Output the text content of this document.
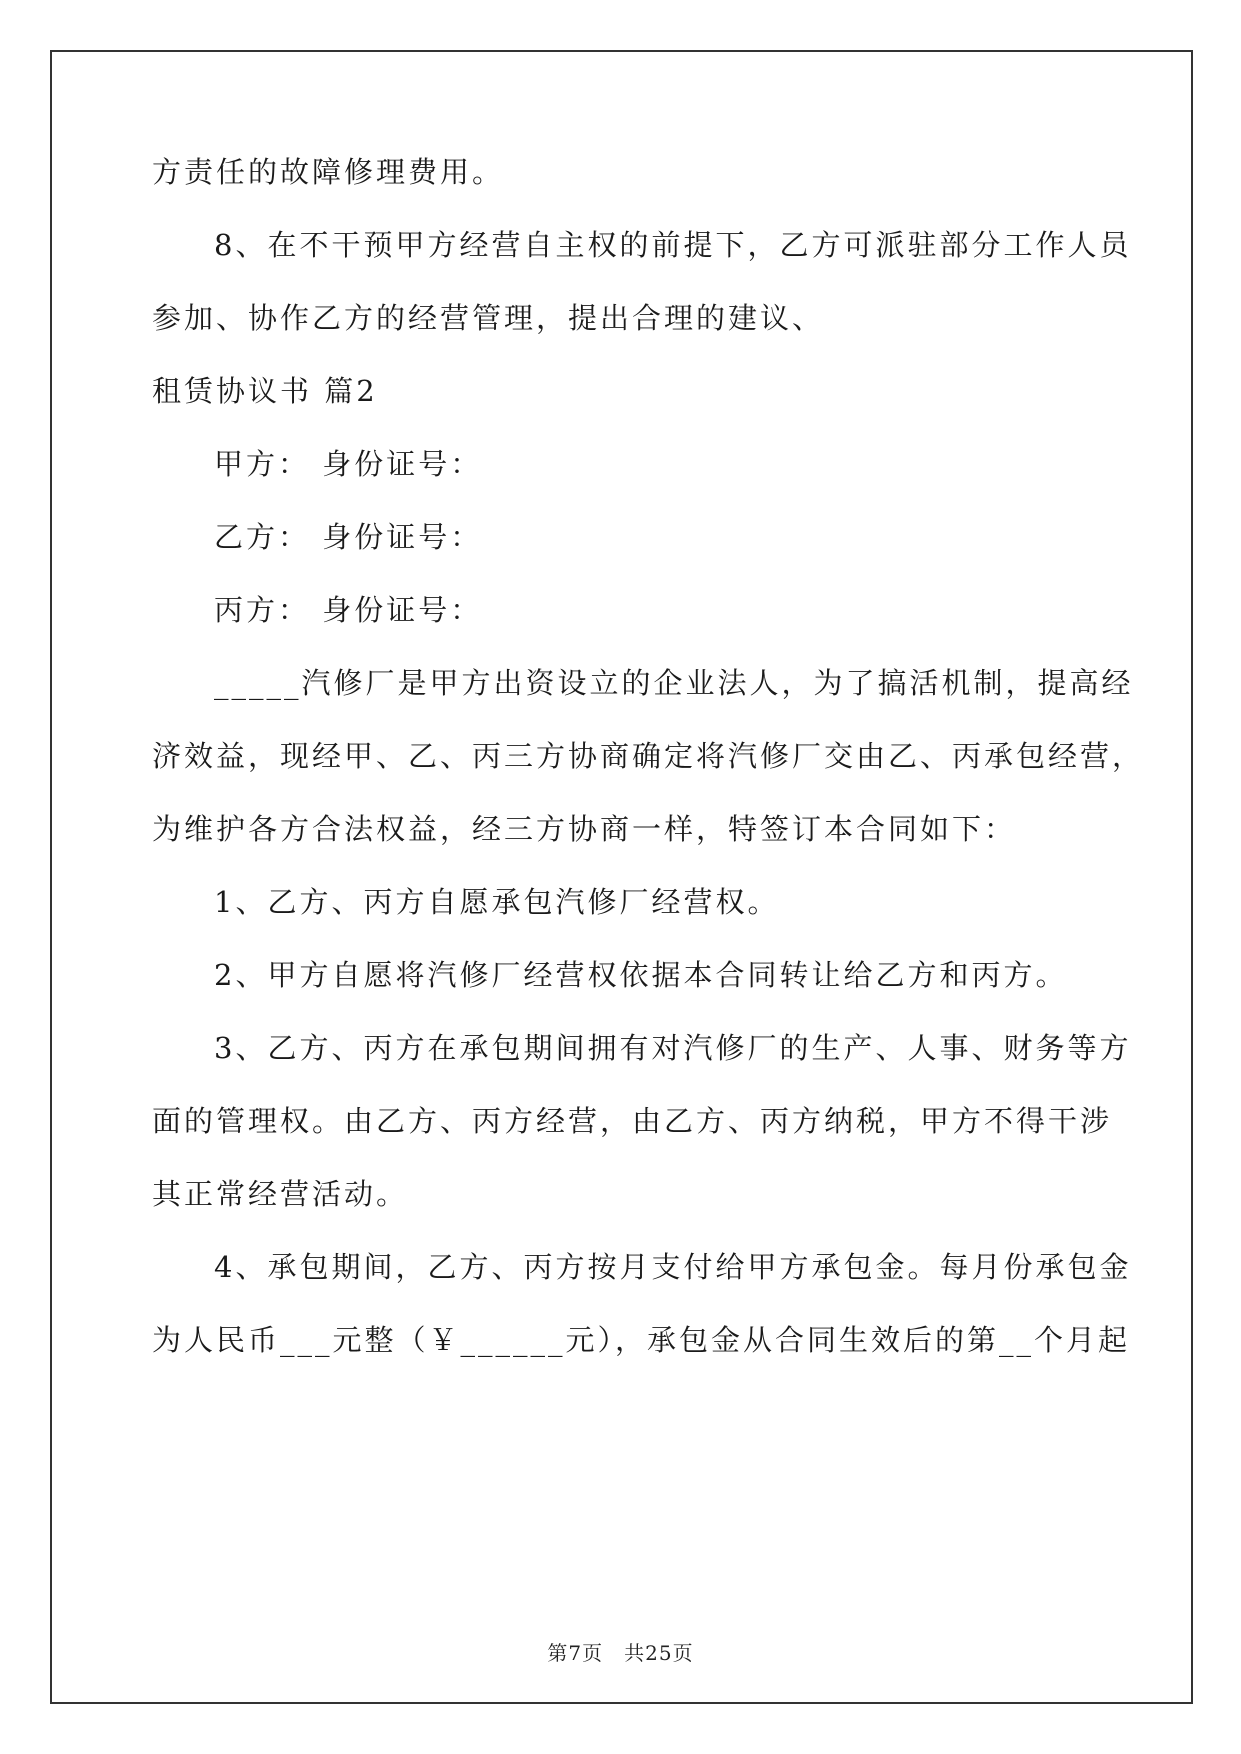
方责任的故障修理费用。
8、在不干预甲方经营自主权的前提下，乙方可派驻部分工作人员
参加、协作乙方的经营管理，提出合理的建议、
租赁协议书 篇2
甲方： 身份证号：
乙方： 身份证号：
丙方： 身份证号：
_____汽修厂是甲方出资设立的企业法人，为了搞活机制，提高经
济效益，现经甲、乙、丙三方协商确定将汽修厂交由乙、丙承包经营，
为维护各方合法权益，经三方协商一样，特签订本合同如下：
1、乙方、丙方自愿承包汽修厂经营权。
2、甲方自愿将汽修厂经营权依据本合同转让给乙方和丙方。
3、乙方、丙方在承包期间拥有对汽修厂的生产、人事、财务等方
面的管理权。由乙方、丙方经营，由乙方、丙方纳税，甲方不得干涉
其正常经营活动。
4、承包期间，乙方、丙方按月支付给甲方承包金。每月份承包金
为人民币___元整（￥______元），承包金从合同生效后的第__个月起
第7页　共25页
